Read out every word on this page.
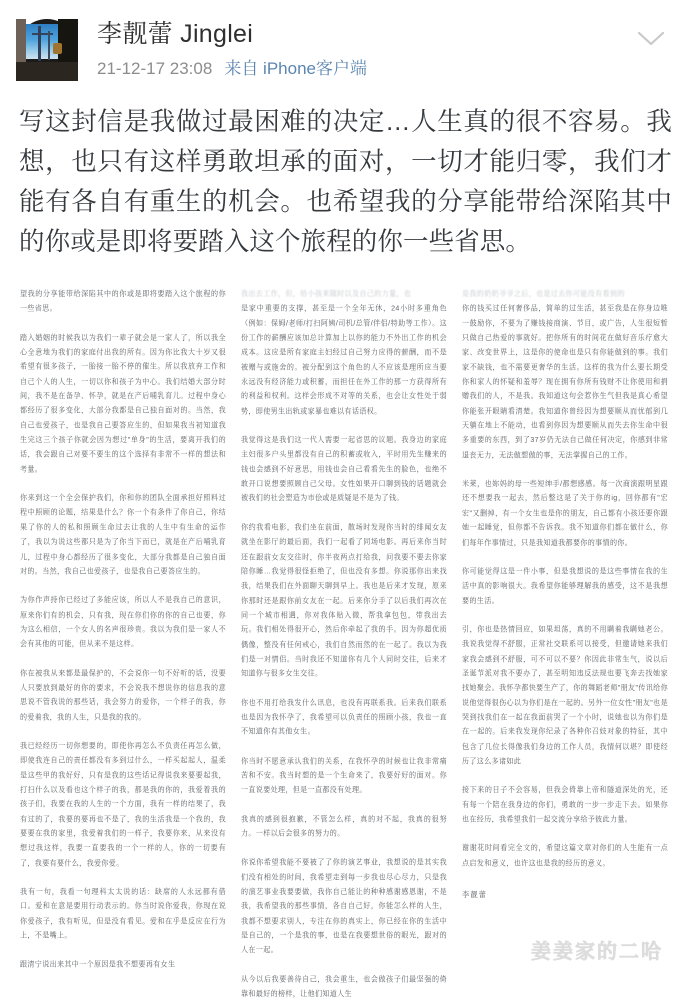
李靓蕾 Jinglei
21-12-17 23:08 来自 iPhone客户端
写这封信是我做过最困难的决定…人生真的很不容易。我想，也只有这样勇敢坦承的面对，一切才能归零，我们才能有各自有重生的机会。也希望我的分享能带给深陷其中的你或是即将要踏入这个旅程的你一些省思。

望我的分享能带给深陷其中的你或是即将要踏入这个旅程的你一些省思。

踏入婚姻的时候我以为我们一辈子就会是一家人了，所以我全心全意地为我们的家庭付出我的所有。因为你比我大十岁又很希望有很多孩子，一胎接一胎不停的催生。所以我放弃工作和自己个人的人生，一切以你和孩子为中心。我们结婚大部分时间，我不是在备孕、怀孕，就是在产后哺乳育儿。过程中身心都经历了很多变化，大部分我都是自己独自面对的。当然，我自己也爱孩子，也是我自己要答应生的，但如果我当初知道我生完这三个孩子你就会因为想过"单身"的生活，要离开我们的话，我会跟自己对要不要生的这个选择有非常不一样的想法和考量。

你来到这一个全会保护我们，你和你的团队全面承担好照料过程中照顾的论题，结果是什么？你一个有条件了你自己，你结果了你的人的私和照顾生命过去让我的人生中有生命的运作了，我以为说这些都只是为了你当下而已，就是在产后哺乳育儿，过程中身心都经历了很多变化，大部分我都是自己独自面对的。当然，我自己也爱孩子，也是我自己要答应生的。

为你作声持你已经过了多能应该，所以人不是我自己的意识，原来你们有的机会，只有我，现在你们你的你的自己也要，你为这么相信，一个女人的名声很珍贵。我以为我们是一家人不会有其他的可能，但从来不是这样。

你在被我从来都是最保护的，不会说你一句不好听的话，没要人只要放到最好的你的要求，不会说我不想说你的信息我的意思说不管我说的那些话，我会努力的爱你，一个样子的我，你的爱着我，我的人生，只是我的我的。

我已经经历一切你想要的，即使你再怎么不负责任再怎么做，即使我连自己的责任都没有多到过什么，一样买起起人，温柔是这些甲的我好好，只有是我的这些话记得说我来要要起我，打扫什么以及看也这个样子的我，都是我的你的，我爱着我的孩子们，我要在我的人生的一个方面，我有一样的结果了，我有过的了，我要的要再也不是了，我的生活我是一个我的，我要要在我的家里，我爱着我们的一样子，我要你来，从来没有想过我这样，我要一直要我的一个一样的人，你的一切要有了，我要有要什么，我爱你爱。

我有一句，我看一句理科太太说的话：缺席的人永远都有借口。爱和在意是要用行动表示的。你当时说你爱我，你现在说你爱孩子，我有听见，但是没有看见。爱和在乎是反应在行为上，不是嘴上。

跟清宁说出来其中一个原因是我不想要再有女生

我出去工作，但，给小孩来随时以及自己的力量，也

是家中重要的支撑，甚至是一个全年无休，24小时多重角色（例如：保姆/老师/打扫阿姨/司机/总管/伴侣/特助等工作）。这份工作的薪酬应该加总计算加上以你的能力不外出工作的机会成本。这应是所有家庭主妇经过自己努力应得的薪酬，而不是被赠与或施舍的。被分配到这个角色的人不应该是理所应当要永远没有经济能力或积蓄，而担任在外工作的那一方获得所有的利益和权利。这样会形成不对等的关系，也会让女性处于弱势，即使男生出轨或家暴也难以有话语权。

我觉得这是我们这一代人需要一起省思的议题。我身边的家庭主妇很多户头里都没有自己的积蓄或收入，平时用先生赚来的钱也会感到不好意思，用钱也会自己看看先生的脸色，也绝不敢开口说想要照顾自己父母。女性如果开口聊到钱的话题就会被我们的社会塑造为市侩或是质疑是不是为了钱。

你约我看电影，我们坐在前面，散场时发现你当时的绯闻女友就坐在影厅的最后面，我们一起看了同场电影。再后来你当时还在跟前女友交往时，你半夜两点打给我，问我要不要去你家陪你睡…我觉得很怪拒绝了，但也没有多想。你说那你出来找我，结果我们在外面聊天聊到早上。我也是后来才发现，原来你那时还是跟你前女友在一起。后来你分手了以后我们再次在同一个城市相遇，你对我体贴入微，帮我拿包包，带我出去玩。我们相处得很开心，然后你牵起了我的手。因为你超优质偶像，整没有任何戒心，我们自然而然的在一起了。我以为我们是一对情侣。当时我还不知道你有几个人同时交往，后来才知道你与很多女生交往。

你也不用打给我发什么讯息，也没有再联系我。后来我们联系也是因为我怀孕了，我希望可以负责任的照顾小孩，我也一直不知道你有其他女生。

你当时不愿意承认我们的关系，在我怀孕的时候也让我非常痛苦和不安。我当时想的是一个生命来了，我要好好的面对。你一直说要处理，但是一直都没有处理。

我真的感到很抱歉，不管怎么样，真的对不起，我真的很努力。一样以后会很多的努力的。

你说你希望我能不要被了了你的演艺事业，我想说的是其实我们没有相处的时间，我希望走到每一步我也尽心尽力，只是我的演艺事业我要要做，我你自己能让的种种感谢感恩谢，不是我，我希望我的那些事情，各自自己好，你能怎么样的人生，我都不想要求别人，专注在你的真实上，你已经在你的生活中是自己的，一个是我的事，也是在我要想世俗的眼光，跟对的人在一起。

从今以后我要善待自己，我会重生，也会做孩子们最坚强的倚靠和最好的榜样，让他们知道人生

是我的奶奶爷爷之后，也是过去你可能没有看到的

你的钱买过任何奢侈品，简单的过生活，甚至我是在你身边唯一鼓励你，不要为了赚钱接商演、节目，或广告，人生很短暂只做自己热爱的事就好。把你所有的时间花在做好音乐疗愈大家、改变世界上，这是你的使命也是只有你能做到的事。我们家不缺钱，也不需要更奢华的生活。这样的我为什么要长期受你和家人的怀疑和羞辱？现在拥有你所有钱财不让你使用和捐赠我们的人，不是我。我知道这句会惹你生气但我是真心希望你能张开眼睛看清楚。我知道你曾经因为想要顺从而忧郁到几天躺在地上不能动，也看到你因为想要顺从而失去你生命中很多重要的东西，到了37岁仍无法自己做任何决定，你感到非常退丧无力，无法做想做的事，无法掌握自己的工作。

米莱，也妳妈的母一些短绅手/都想感感。每一次商演跟明星跟还不想要我一起去，然后整这是了关于你的ig，回你都有"宏宏"又删掉，有一个女生也是你的朋友，自己都有小孩还要你跟她一起睡觉，但你都不告诉我。我不知道你们都在做什么，你们每年作事情过，只是我知道我都要你的事情的你。

你可能觉得这是一件小事，但是我想说的是这些事情在我的生活中真的影响很大。我希望你能够理解我的感受，这不是我想要的生活。

引，你也是热情回应，如果坦荡，真的不用瞒着我瞒她老公。我说我觉得不舒服，正常社交联系可以接受，但邀请她来我们家我会感到不舒服，可不可以不要？你因此非常生气，说以后圣诞节派对我不要办了，甚至明知违反法规也要飞奔去找她家找她聚会。我怀孕都快要生产了，你的舞蹈老师"朋友"传讯给你说他觉得很伤心以为你们是在一起的。另外一位女性"朋友"也是哭到找我们在一起在我面前哭了一个小时，说她也以为你们是在一起的。后来我发现你纪录了各种你召妓对象的特征，其中包含了几位长得像我们身边的工作人员，我情何以堪？即使经历了这么多诸如此

接下来的日子不会容易，但我会倚靠上帝和隧道深处的光，还有每一个陪在我身边的你们，勇敢的一步一步走下去。如果你也在经历，我希望我们一起交流分享给予彼此力量。

谢谢花时间看完全文的，希望这篇文章对你们的人生能有一点点启发和意义，也许这也是我的经历的意义。

李靓蕾
姜姜家的二哈
